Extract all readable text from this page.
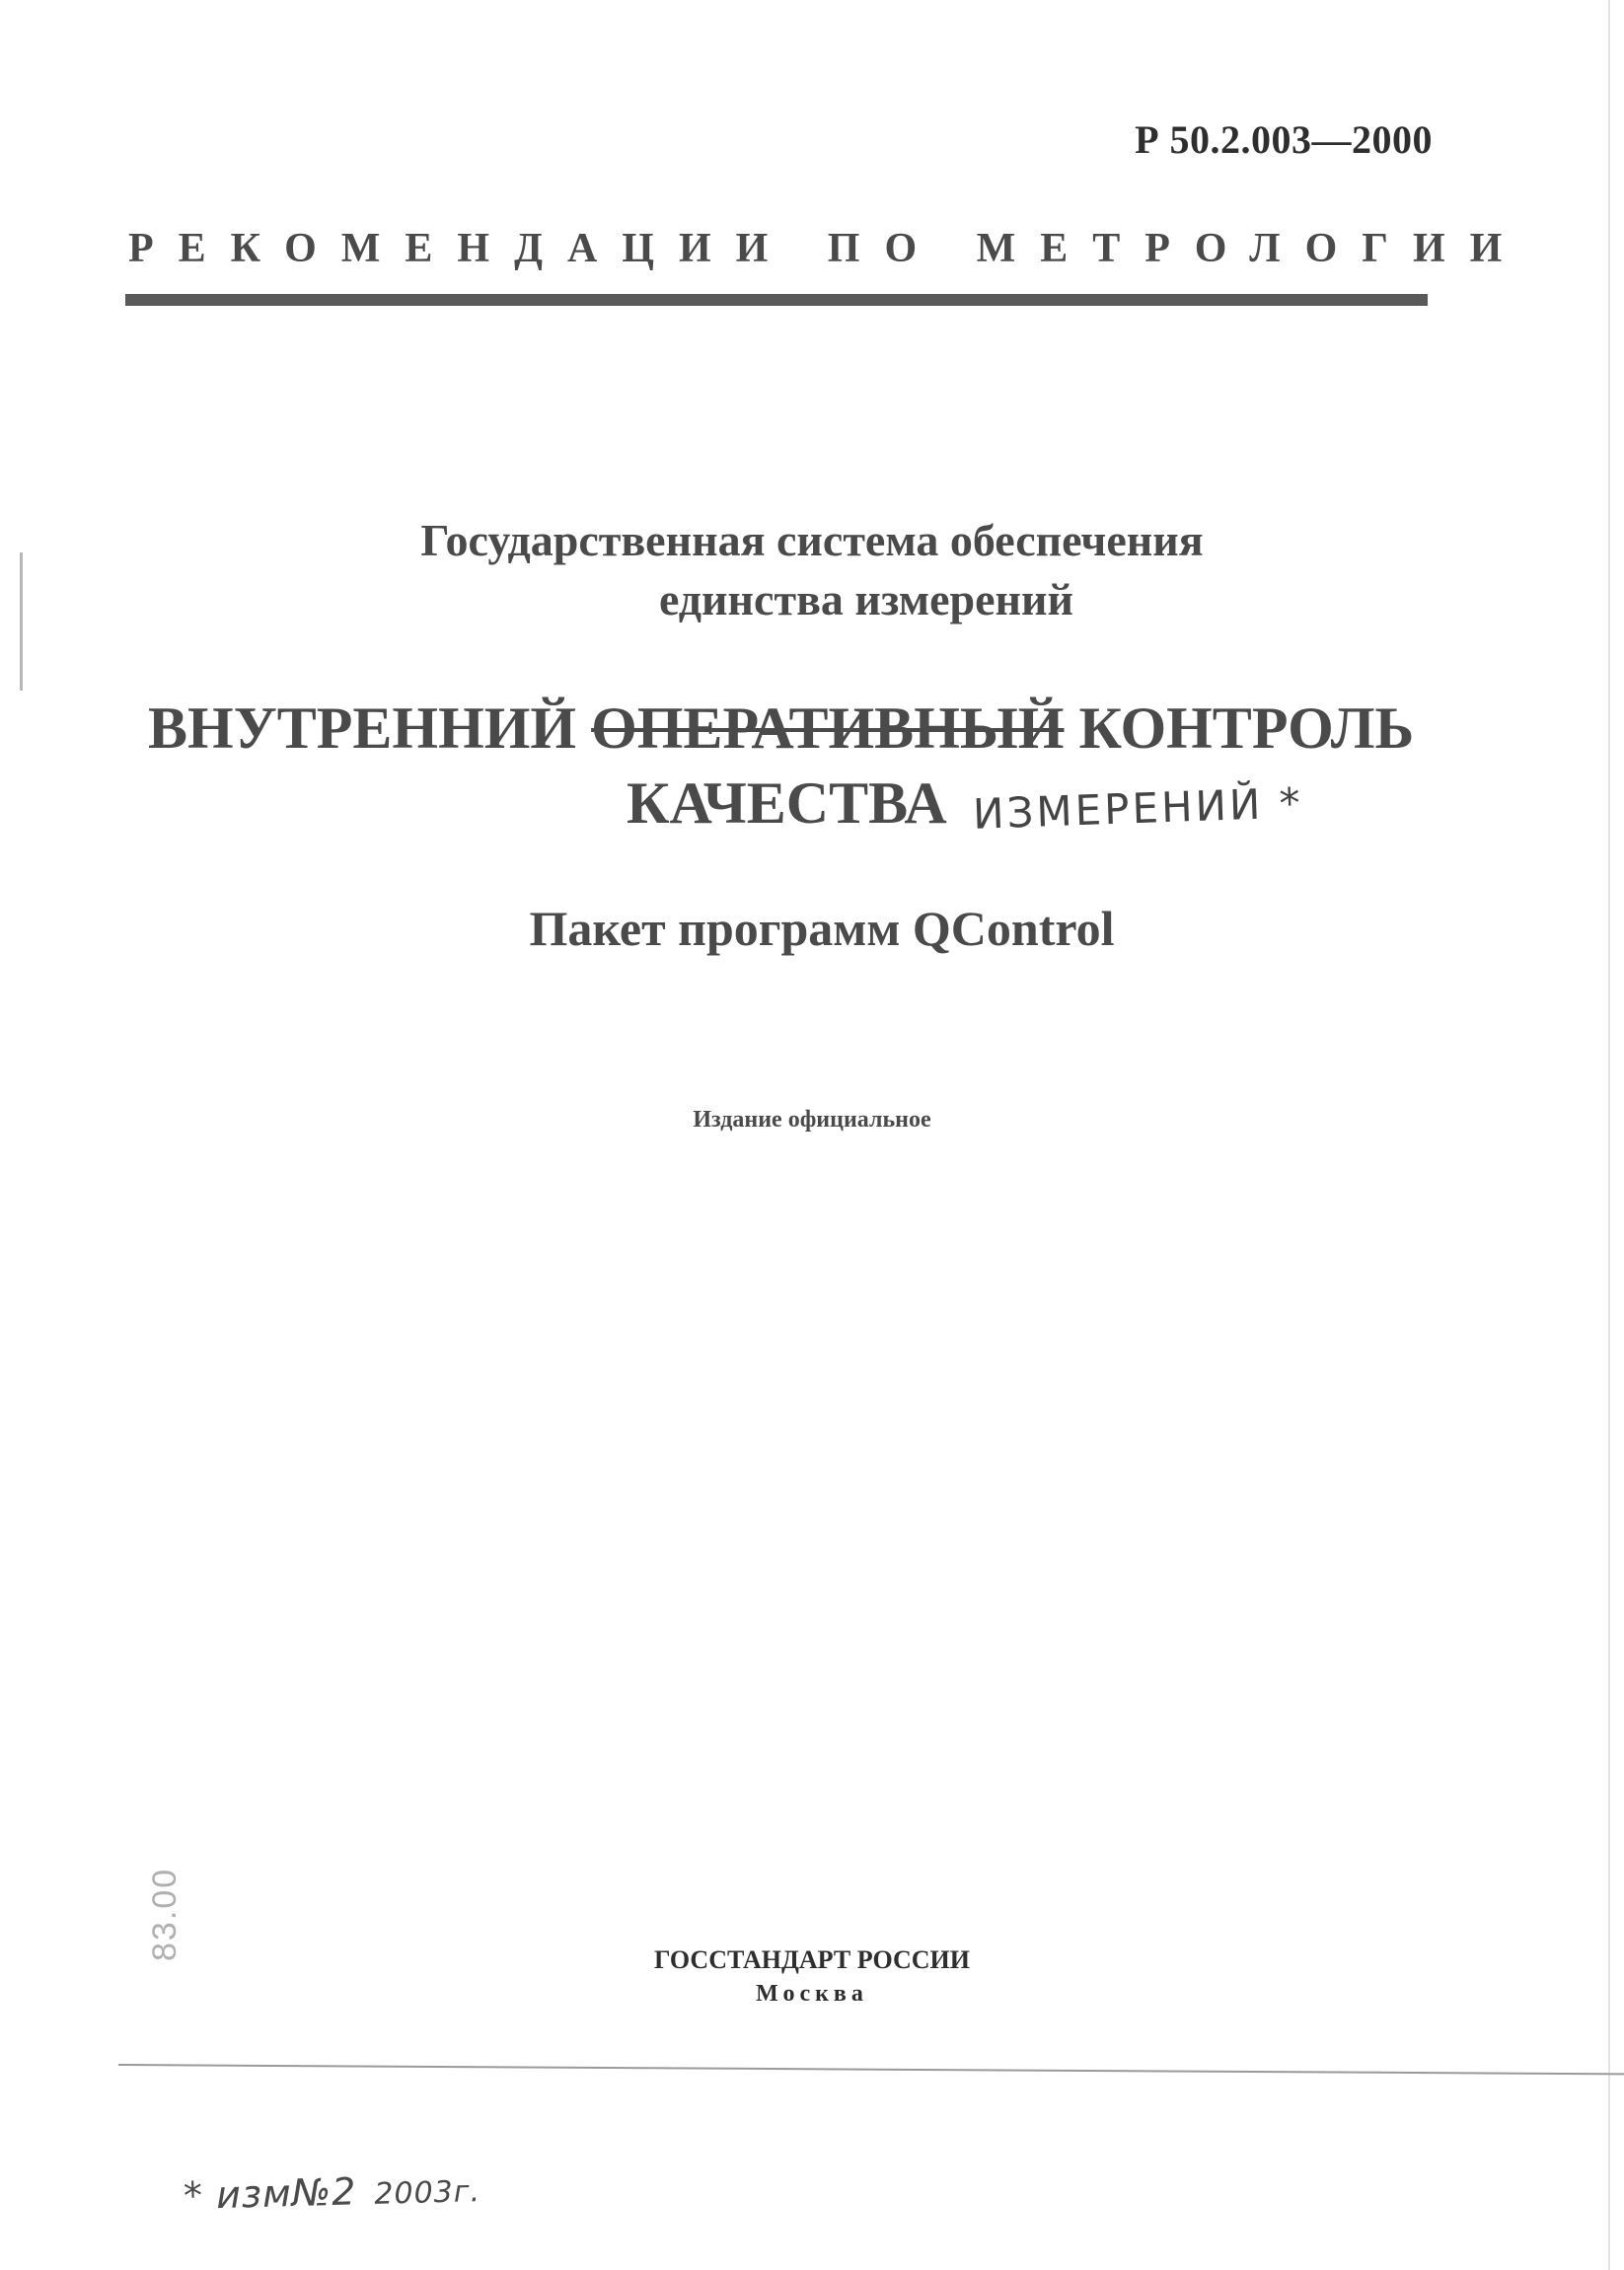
Р 50.2.003—2000
РЕКОМЕНДАЦИИ ПО МЕТРОЛОГИИ
Государственная система обеспечения
единства измерений
ВНУТРЕННИЙ ОПЕРАТИВНЫЙ КОНТРОЛЬ
КАЧЕСТВА ИЗМЕРЕНИЙ *
Пакет программ QControl
Издание официальное
83.00	ГОССТАНДАРТ РОССИИ
Москва
* изм№2 2003г.
